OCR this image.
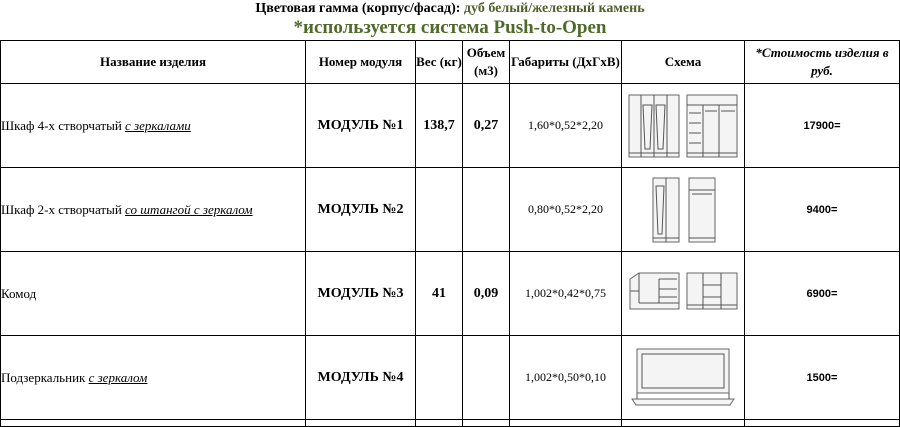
Цветовая гамма (корпус/фасад): дуб белый/железный камень
*используется система Push-to-Open
Название изделия	Номер модуля	Вес (кг)	Объем (м3)	Габариты (ДхГхВ)	Схема	*Стоимость изделия в руб.
Шкаф 4-х створчатый с зеркалами	МОДУЛЬ №1	138,7	0,27	1,60*0,52*2,20		17900=
Шкаф 2-х створчатый со штангой с зеркалом	МОДУЛЬ №2			0,80*0,52*2,20		9400=
Комод	МОДУЛЬ №3	41	0,09	1,002*0,42*0,75		6900=
Подзеркальник с зеркалом	МОДУЛЬ №4			1,002*0,50*0,10		1500=
